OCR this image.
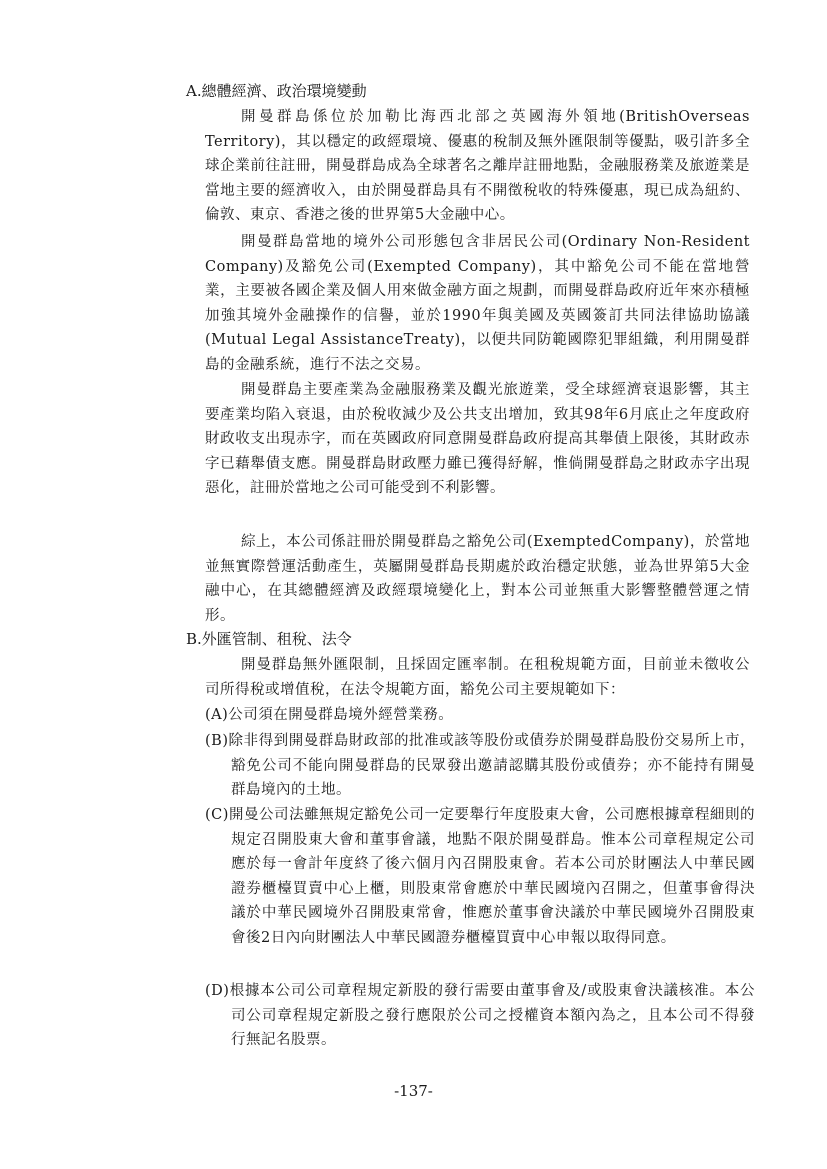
A.總體經濟、政治環境變動

開曼群島係位於加勒比海西北部之英國海外領地(BritishOverseas Territory)，其以穩定的政經環境、優惠的稅制及無外匯限制等優點，吸引許多全球企業前往註冊，開曼群島成為全球著名之離岸註冊地點，金融服務業及旅遊業是當地主要的經濟收入，由於開曼群島具有不開徵稅收的特殊優惠，現已成為紐約、倫敦、東京、香港之後的世界第5大金融中心。

開曼群島當地的境外公司形態包含非居民公司(Ordinary Non-Resident Company)及豁免公司(Exempted Company)，其中豁免公司不能在當地營業，主要被各國企業及個人用來做金融方面之規劃，而開曼群島政府近年來亦積極加強其境外金融操作的信譽，並於1990年與美國及英國簽訂共同法律協助協議(Mutual Legal AssistanceTreaty)，以便共同防範國際犯罪組織，利用開曼群島的金融系統，進行不法之交易。

開曼群島主要產業為金融服務業及觀光旅遊業，受全球經濟衰退影響，其主要產業均陷入衰退，由於稅收減少及公共支出增加，致其98年6月底止之年度政府財政收支出現赤字，而在英國政府同意開曼群島政府提高其舉債上限後，其財政赤字已藉舉債支應。開曼群島財政壓力雖已獲得紓解，惟倘開曼群島之財政赤字出現惡化，註冊於當地之公司可能受到不利影響。

綜上，本公司係註冊於開曼群島之豁免公司(ExemptedCompany)，於當地並無實際營運活動產生，英屬開曼群島長期處於政治穩定狀態，並為世界第5大金融中心，在其總體經濟及政經環境變化上，對本公司並無重大影響整體營運之情形。

B.外匯管制、租稅、法令

開曼群島無外匯限制，且採固定匯率制。在租稅規範方面，目前並未徵收公司所得稅或增值稅，在法令規範方面，豁免公司主要規範如下：

(A)公司須在開曼群島境外經營業務。

(B)除非得到開曼群島財政部的批准或該等股份或債券於開曼群島股份交易所上市，豁免公司不能向開曼群島的民眾發出邀請認購其股份或債券；亦不能持有開曼群島境內的土地。

(C)開曼公司法雖無規定豁免公司一定要舉行年度股東大會，公司應根據章程細則的規定召開股東大會和董事會議，地點不限於開曼群島。惟本公司章程規定公司應於每一會計年度終了後六個月內召開股東會。若本公司於財團法人中華民國證券櫃檯買賣中心上櫃，則股東常會應於中華民國境內召開之，但董事會得決議於中華民國境外召開股東常會，惟應於董事會決議於中華民國境外召開股東會後2日內向財團法人中華民國證券櫃檯買賣中心申報以取得同意。

(D)根據本公司公司章程規定新股的發行需要由董事會及/或股東會決議核准。本公司公司章程規定新股之發行應限於公司之授權資本額內為之，且本公司不得發行無記名股票。

-137-
